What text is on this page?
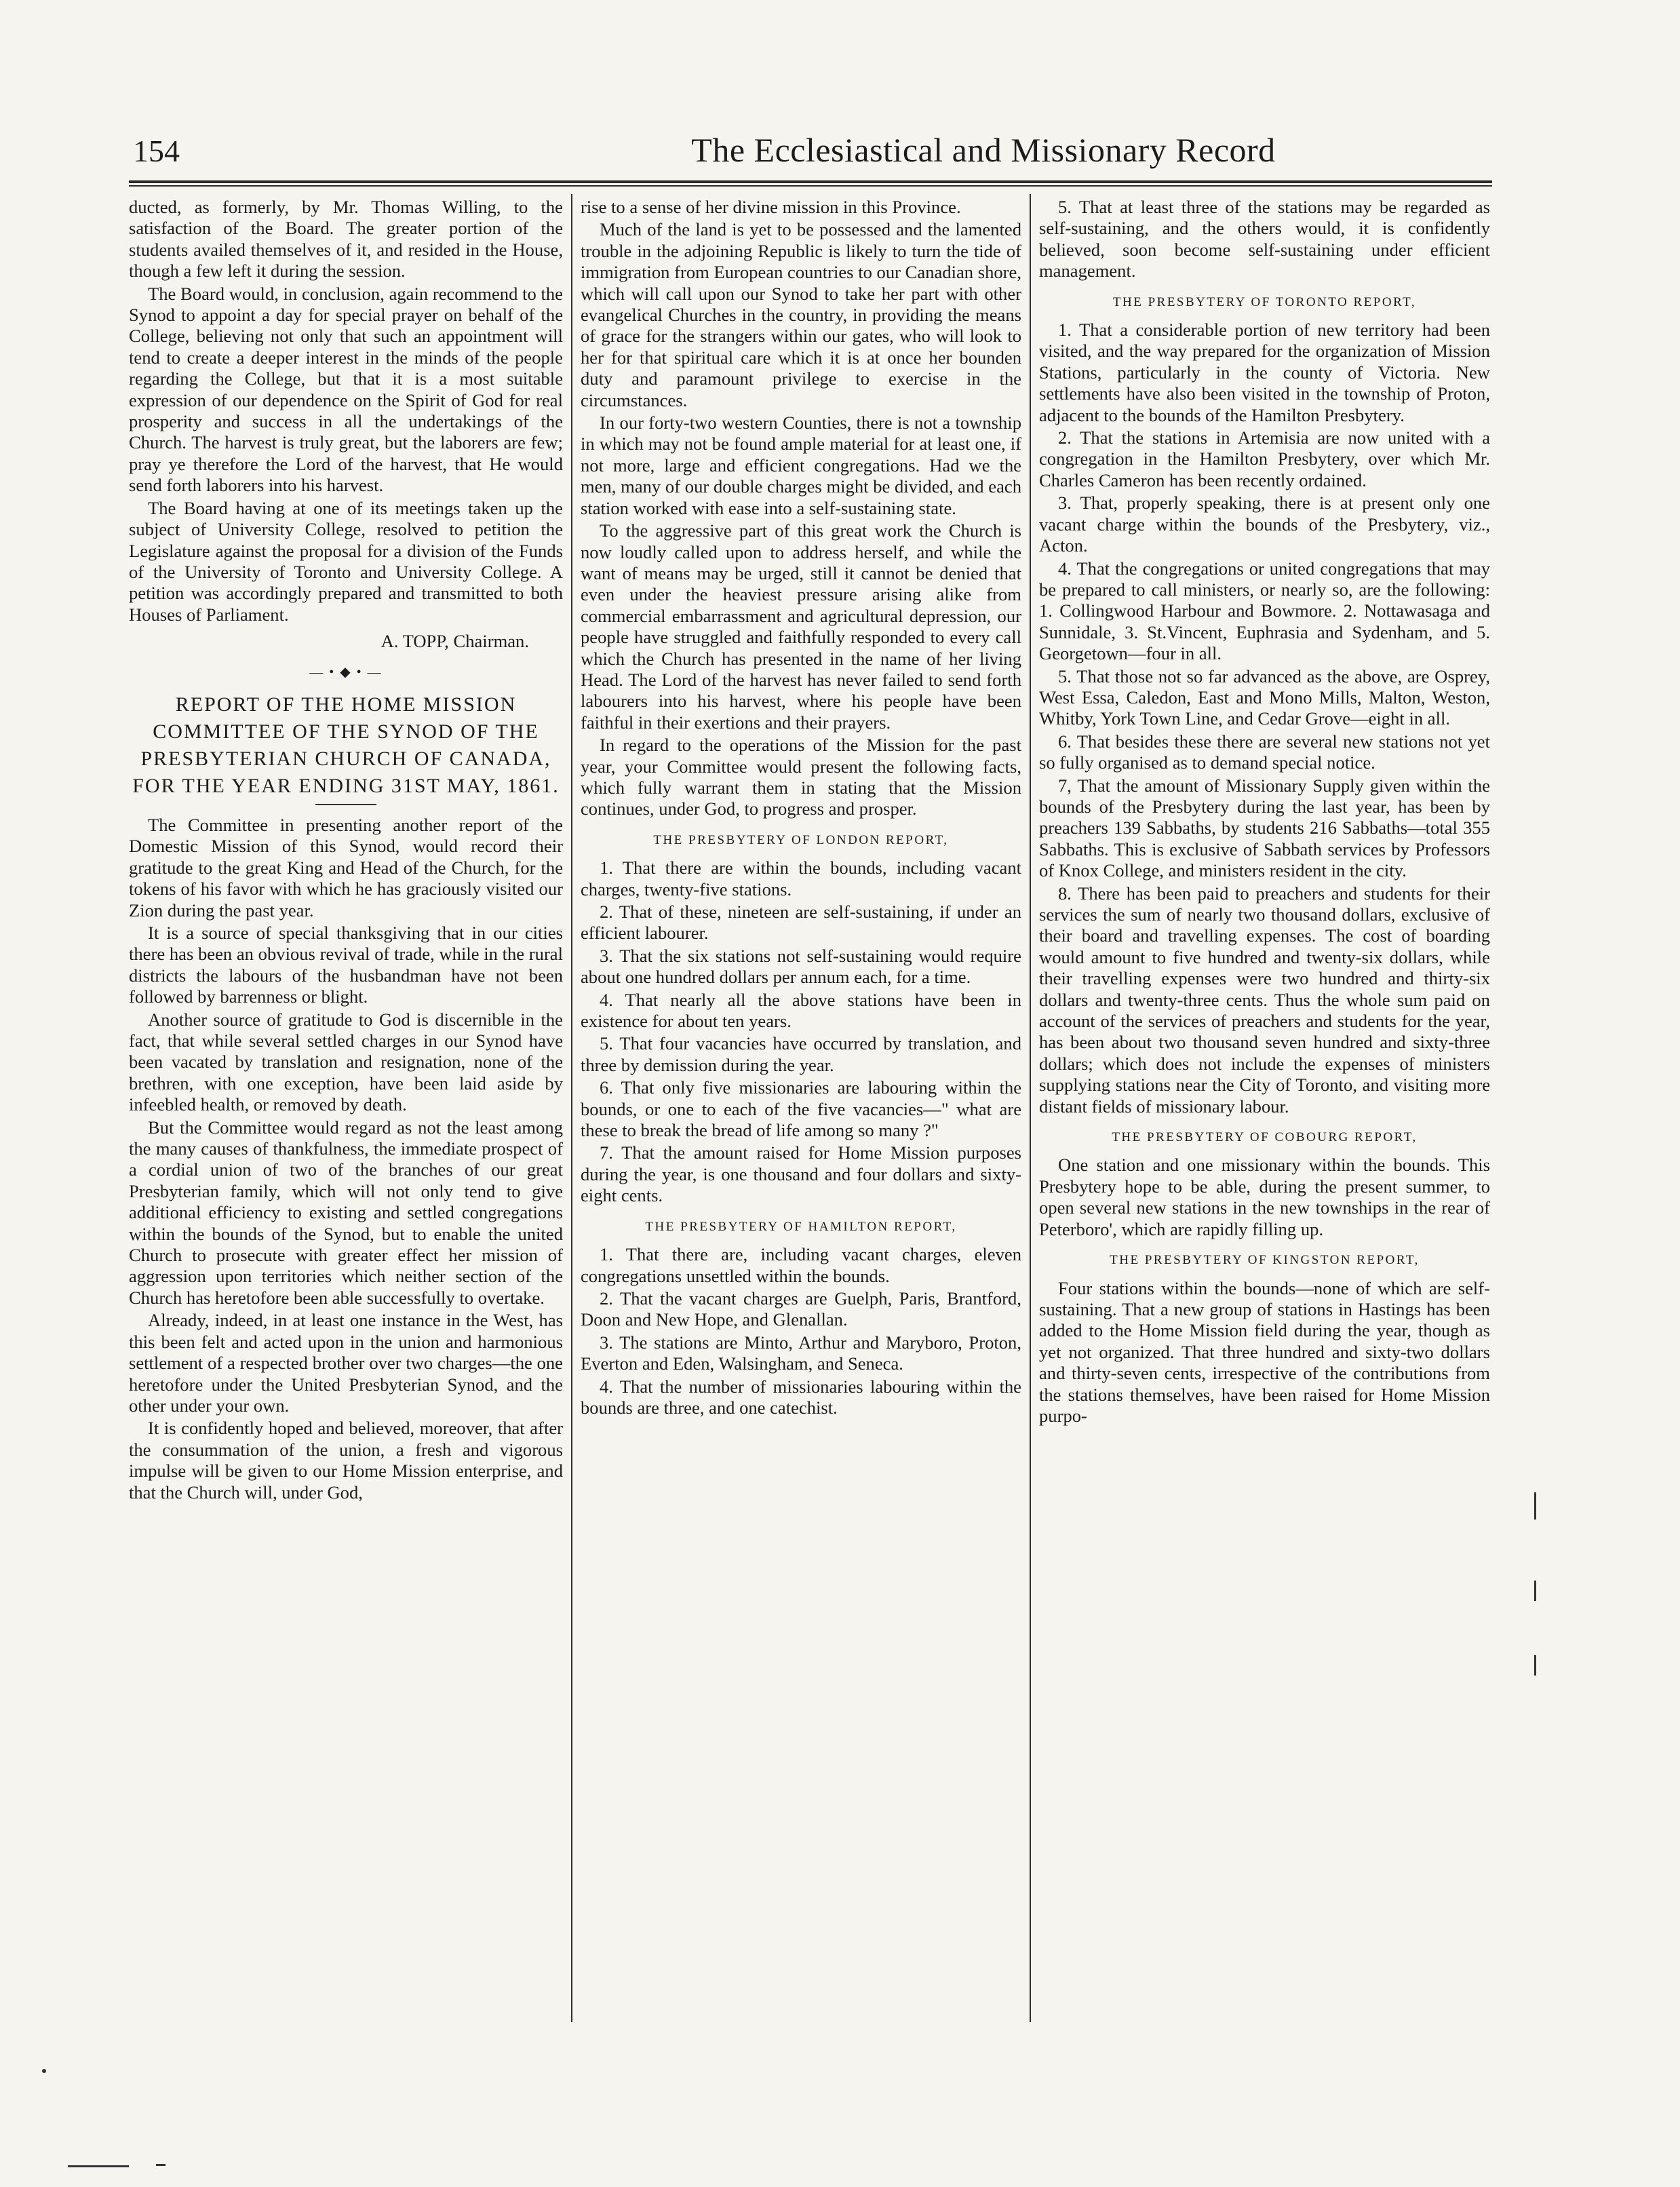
154	The Ecclesiastical and Missionary Record

ducted, as formerly, by Mr. Thomas Willing, to the satisfaction of the Board. The greater portion of the students availed themselves of it, and resided in the House, though a few left it during the session.

The Board would, in conclusion, again recommend to the Synod to appoint a day for special prayer on behalf of the College, believing not only that such an appointment will tend to create a deeper interest in the minds of the people regarding the College, but that it is a most suitable expression of our dependence on the Spirit of God for real prosperity and success in all the undertakings of the Church. The harvest is truly great, but the laborers are few; pray ye therefore the Lord of the harvest, that He would send forth laborers into his harvest.

The Board having at one of its meetings taken up the subject of University College, resolved to petition the Legislature against the proposal for a division of the Funds of the University of Toronto and University College. A petition was accordingly prepared and transmitted to both Houses of Parliament.

A. TOPP, Chairman.
— • ◆ • —
REPORT OF THE HOME MISSION COMMITTEE OF THE SYNOD OF THE PRESBYTERIAN CHURCH OF CANADA, FOR THE YEAR ENDING 31ST MAY, 1861.

The Committee in presenting another report of the Domestic Mission of this Synod, would record their gratitude to the great King and Head of the Church, for the tokens of his favor with which he has graciously visited our Zion during the past year.

It is a source of special thanksgiving that in our cities there has been an obvious revival of trade, while in the rural districts the labours of the husbandman have not been followed by barrenness or blight.

Another source of gratitude to God is discernible in the fact, that while several settled charges in our Synod have been vacated by translation and resignation, none of the brethren, with one exception, have been laid aside by infeebled health, or removed by death.

But the Committee would regard as not the least among the many causes of thankfulness, the immediate prospect of a cordial union of two of the branches of our great Presbyterian family, which will not only tend to give additional efficiency to existing and settled congregations within the bounds of the Synod, but to enable the united Church to prosecute with greater effect her mission of aggression upon territories which neither section of the Church has heretofore been able successfully to overtake.

Already, indeed, in at least one instance in the West, has this been felt and acted upon in the union and harmonious settlement of a respected brother over two charges—the one heretofore under the United Presbyterian Synod, and the other under your own.

It is confidently hoped and believed, moreover, that after the consummation of the union, a fresh and vigorous impulse will be given to our Home Mission enterprise, and that the Church will, under God,

rise to a sense of her divine mission in this Province.

Much of the land is yet to be possessed and the lamented trouble in the adjoining Republic is likely to turn the tide of immigration from European countries to our Canadian shore, which will call upon our Synod to take her part with other evangelical Churches in the country, in providing the means of grace for the strangers within our gates, who will look to her for that spiritual care which it is at once her bounden duty and paramount privilege to exercise in the circumstances.

In our forty-two western Counties, there is not a township in which may not be found ample material for at least one, if not more, large and efficient congregations. Had we the men, many of our double charges might be divided, and each station worked with ease into a self-sustaining state.

To the aggressive part of this great work the Church is now loudly called upon to address herself, and while the want of means may be urged, still it cannot be denied that even under the heaviest pressure arising alike from commercial embarrassment and agricultural depression, our people have struggled and faithfully responded to every call which the Church has presented in the name of her living Head. The Lord of the harvest has never failed to send forth labourers into his harvest, where his people have been faithful in their exertions and their prayers.

In regard to the operations of the Mission for the past year, your Committee would present the following facts, which fully warrant them in stating that the Mission continues, under God, to progress and prosper.

THE PRESBYTERY OF LONDON REPORT,

1. That there are within the bounds, including vacant charges, twenty-five stations.

2. That of these, nineteen are self-sustaining, if under an efficient labourer.

3. That the six stations not self-sustaining would require about one hundred dollars per annum each, for a time.

4. That nearly all the above stations have been in existence for about ten years.

5. That four vacancies have occurred by translation, and three by demission during the year.

6. That only five missionaries are labouring within the bounds, or one to each of the five vacancies—" what are these to break the bread of life among so many ?"

7. That the amount raised for Home Mission purposes during the year, is one thousand and four dollars and sixty-eight cents.

THE PRESBYTERY OF HAMILTON REPORT,

1. That there are, including vacant charges, eleven congregations unsettled within the bounds.

2. That the vacant charges are Guelph, Paris, Brantford, Doon and New Hope, and Glenallan.

3. The stations are Minto, Arthur and Maryboro, Proton, Everton and Eden, Walsingham, and Seneca.

4. That the number of missionaries labouring within the bounds are three, and one catechist.

5. That at least three of the stations may be regarded as self-sustaining, and the others would, it is confidently believed, soon become self-sustaining under efficient management.

THE PRESBYTERY OF TORONTO REPORT,

1. That a considerable portion of new territory had been visited, and the way prepared for the organization of Mission Stations, particularly in the county of Victoria. New settlements have also been visited in the township of Proton, adjacent to the bounds of the Hamilton Presbytery.

2. That the stations in Artemisia are now united with a congregation in the Hamilton Presbytery, over which Mr. Charles Cameron has been recently ordained.

3. That, properly speaking, there is at present only one vacant charge within the bounds of the Presbytery, viz., Acton.

4. That the congregations or united congregations that may be prepared to call ministers, or nearly so, are the following: 1. Collingwood Harbour and Bowmore. 2. Nottawasaga and Sunnidale, 3. St.Vincent, Euphrasia and Sydenham, and 5. Georgetown—four in all.

5. That those not so far advanced as the above, are Osprey, West Essa, Caledon, East and Mono Mills, Malton, Weston, Whitby, York Town Line, and Cedar Grove—eight in all.

6. That besides these there are several new stations not yet so fully organised as to demand special notice.

7, That the amount of Missionary Supply given within the bounds of the Presbytery during the last year, has been by preachers 139 Sabbaths, by students 216 Sabbaths—total 355 Sabbaths. This is exclusive of Sabbath services by Professors of Knox College, and ministers resident in the city.

8. There has been paid to preachers and students for their services the sum of nearly two thousand dollars, exclusive of their board and travelling expenses. The cost of boarding would amount to five hundred and twenty-six dollars, while their travelling expenses were two hundred and thirty-six dollars and twenty-three cents. Thus the whole sum paid on account of the services of preachers and students for the year, has been about two thousand seven hundred and sixty-three dollars; which does not include the expenses of ministers supplying stations near the City of Toronto, and visiting more distant fields of missionary labour.

THE PRESBYTERY OF COBOURG REPORT,

One station and one missionary within the bounds. This Presbytery hope to be able, during the present summer, to open several new stations in the new townships in the rear of Peterboro', which are rapidly filling up.

THE PRESBYTERY OF KINGSTON REPORT,

Four stations within the bounds—none of which are self-sustaining. That a new group of stations in Hastings has been added to the Home Mission field during the year, though as yet not organized. That three hundred and sixty-two dollars and thirty-seven cents, irrespective of the contributions from the stations themselves, have been raised for Home Mission purpo-
